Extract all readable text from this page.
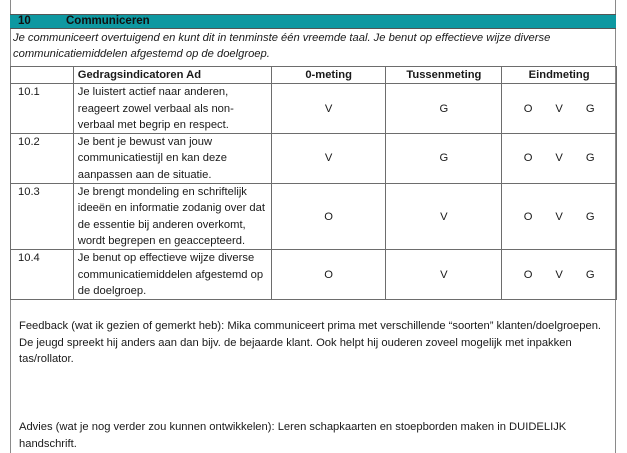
10	Communiceren
Je communiceert overtuigend en kunt dit in tenminste één vreemde taal. Je benut op effectieve wijze diverse communicatiemiddelen afgestemd op de doelgroep.
	Gedragsindicatoren Ad	0-meting	Tussenmeting	Eindmeting
10.1	Je luistert actief naar anderen, reageert zowel verbaal als non-verbaal met begrip en respect.	V	G	O V G

10.2	Je bent je bewust van jouw communicatiestijl en kan deze aanpassen aan de situatie.	V	G	O V G

10.3	Je brengt mondeling en schriftelijk ideeën en informatie zodanig over dat de essentie bij anderen overkomt, wordt begrepen en geaccepteerd.	O	V	O V G

10.4	Je benut op effectieve wijze diverse communicatiemiddelen afgestemd op de doelgroep.	O	V	O V G
Feedback (wat ik gezien of gemerkt heb): Mika communiceert prima met verschillende “soorten” klanten/doelgroepen. De jeugd spreekt hij anders aan dan bijv. de bejaarde klant. Ook helpt hij ouderen zoveel mogelijk met inpakken tas/rollator.
Advies (wat je nog verder zou kunnen ontwikkelen): Leren schapkaarten en stoepborden maken in DUIDELIJK handschrift.
